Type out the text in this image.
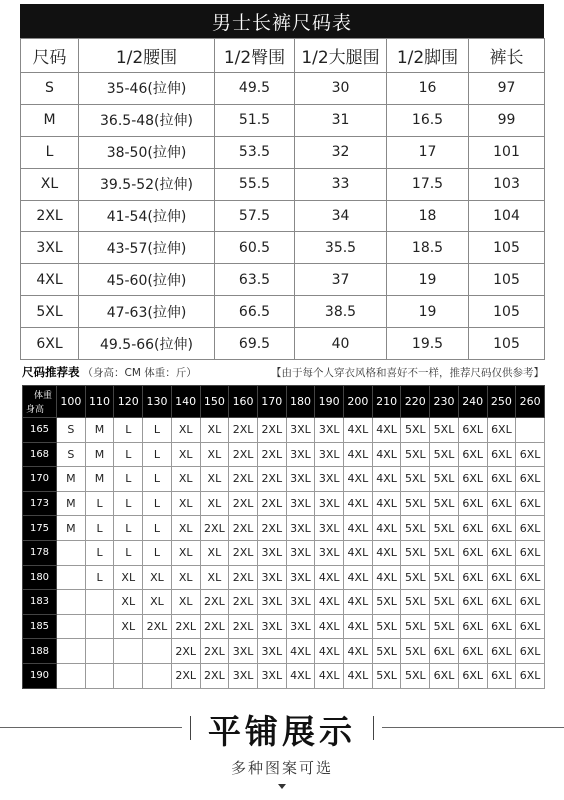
男士长裤尺码表
尺码	1/2腰围	1/2臀围	1/2大腿围	1/2脚围	裤长
S	35-46(拉伸)	49.5	30	16	97
M	36.5-48(拉伸)	51.5	31	16.5	99
L	38-50(拉伸)	53.5	32	17	101
XL	39.5-52(拉伸)	55.5	33	17.5	103
2XL	41-54(拉伸)	57.5	34	18	104
3XL	43-57(拉伸)	60.5	35.5	18.5	105
4XL	45-60(拉伸)	63.5	37	19	105
5XL	47-63(拉伸)	66.5	38.5	19	105
6XL	49.5-66(拉伸)	69.5	40	19.5	105
尺码推荐表 （身高：CM 体重：斤）	【由于每个人穿衣风格和喜好不一样，推荐尺码仅供参考】
体重
身高	100	110	120	130	140	150	160	170	180	190	200	210	220	230	240	250	260
165	S	M	L	L	XL	XL	2XL	2XL	3XL	3XL	4XL	4XL	5XL	5XL	6XL	6XL	
168	S	M	L	L	XL	XL	2XL	2XL	3XL	3XL	4XL	4XL	5XL	5XL	6XL	6XL	6XL
170	M	M	L	L	XL	XL	2XL	2XL	3XL	3XL	4XL	4XL	5XL	5XL	6XL	6XL	6XL
173	M	L	L	L	XL	XL	2XL	2XL	3XL	3XL	4XL	4XL	5XL	5XL	6XL	6XL	6XL
175	M	L	L	L	XL	2XL	2XL	2XL	3XL	3XL	4XL	4XL	5XL	5XL	6XL	6XL	6XL
178		L	L	L	XL	XL	2XL	3XL	3XL	3XL	4XL	4XL	5XL	5XL	6XL	6XL	6XL
180		L	XL	XL	XL	XL	2XL	3XL	3XL	4XL	4XL	4XL	5XL	5XL	6XL	6XL	6XL
183			XL	XL	XL	2XL	2XL	3XL	3XL	4XL	4XL	5XL	5XL	5XL	6XL	6XL	6XL
185			XL	2XL	2XL	2XL	2XL	3XL	3XL	4XL	4XL	5XL	5XL	5XL	6XL	6XL	6XL
188					2XL	2XL	3XL	3XL	4XL	4XL	4XL	5XL	5XL	6XL	6XL	6XL	6XL
190					2XL	2XL	3XL	3XL	4XL	4XL	4XL	5XL	5XL	6XL	6XL	6XL	6XL
平铺展示
多种图案可选
